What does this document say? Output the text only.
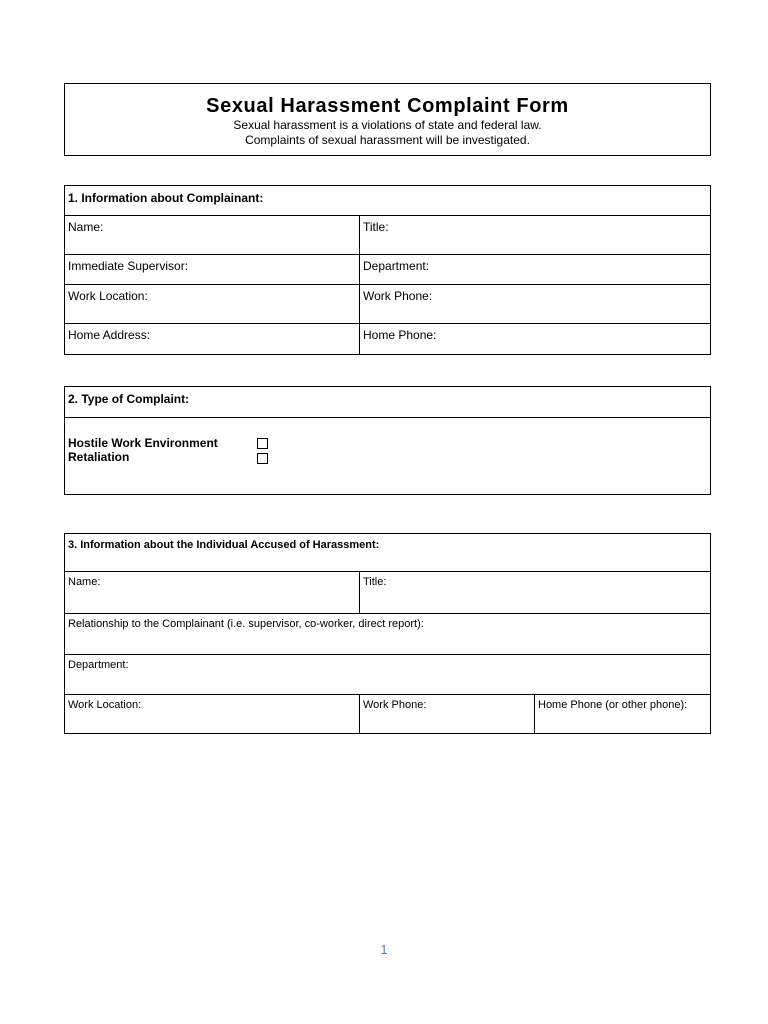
Sexual Harassment Complaint Form
Sexual harassment is a violations of state and federal law.
Complaints of sexual harassment will be investigated.
1. Information about Complainant:
Name:	Title:
Immediate Supervisor:	Department:
Work Location:	Work Phone:
Home Address:	Home Phone:
2. Type of Complaint:
Hostile Work Environment
Retaliation
3. Information about the Individual Accused of Harassment:
Name:	Title:
Relationship to the Complainant (i.e. supervisor, co-worker, direct report):
Department:
Work Location:	Work Phone:	Home Phone (or other phone):
1
